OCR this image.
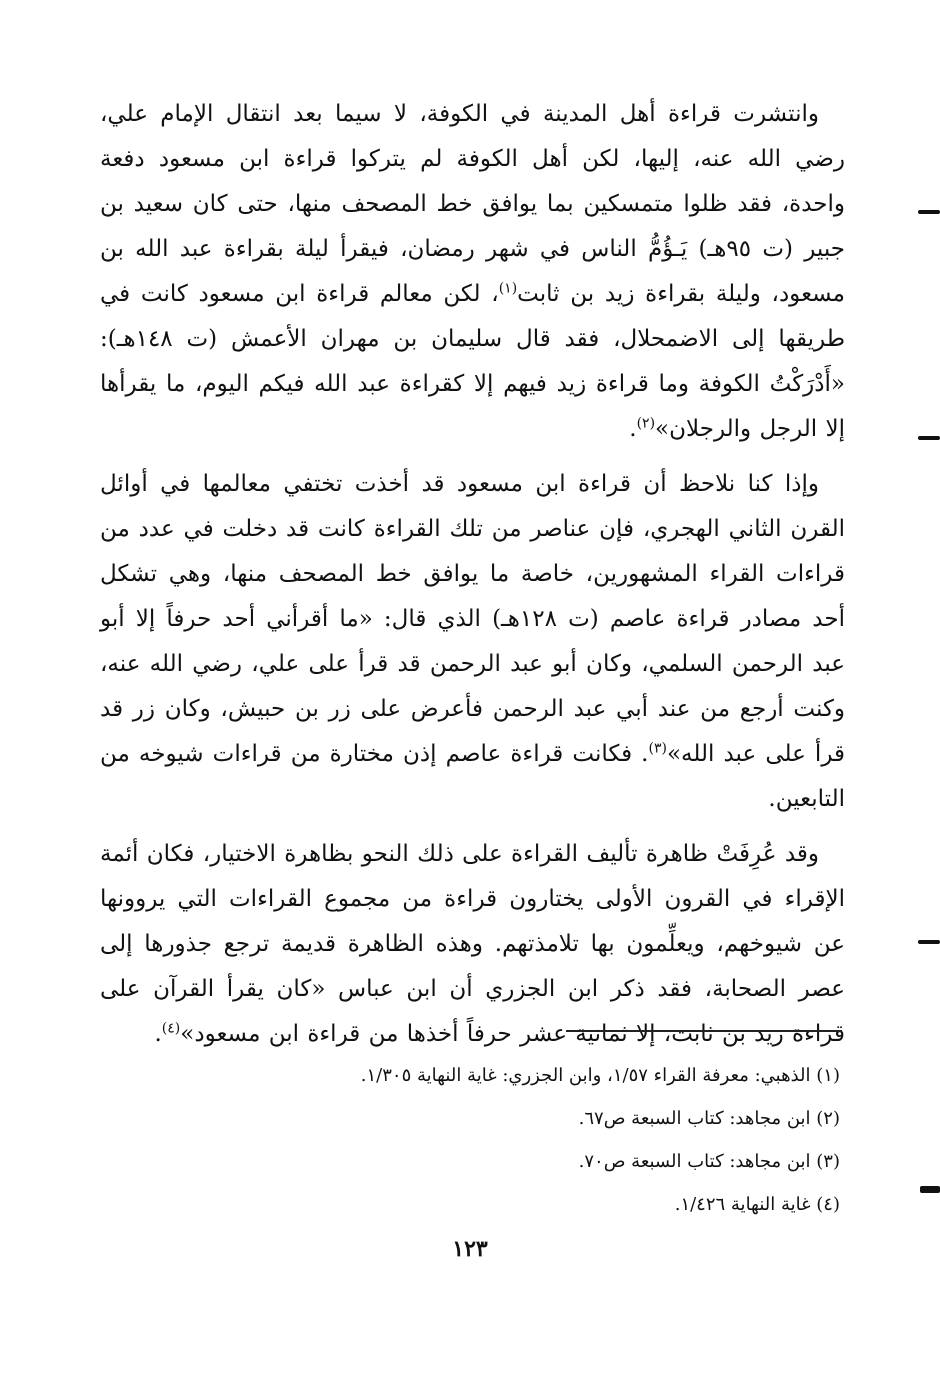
وانتشرت قراءة أهل المدينة في الكوفة، لا سيما بعد انتقال الإمام علي، رضي الله عنه، إليها، لكن أهل الكوفة لم يتركوا قراءة ابن مسعود دفعة واحدة، فقد ظلوا متمسكين بما يوافق خط المصحف منها، حتى كان سعيد بن جبير (ت ٩٥هـ) يَـؤُمُّ الناس في شهر رمضان، فيقرأ ليلة بقراءة عبد الله بن مسعود، وليلة بقراءة زيد بن ثابت$^{(١)}$، لكن معالم قراءة ابن مسعود كانت في طريقها إلى الاضمحلال، فقد قال سليمان بن مهران الأعمش (ت ١٤٨هـ): «أَدْرَكْتُ الكوفة وما قراءة زيد فيهم إلا كقراءة عبد الله فيكم اليوم، ما يقرأها إلا الرجل والرجلان»$^{(٢)}$.

وإذا كنا نلاحظ أن قراءة ابن مسعود قد أخذت تختفي معالمها في أوائل القرن الثاني الهجري، فإن عناصر من تلك القراءة كانت قد دخلت في عدد من قراءات القراء المشهورين، خاصة ما يوافق خط المصحف منها، وهي تشكل أحد مصادر قراءة عاصم (ت ١٢٨هـ) الذي قال: «ما أقرأني أحد حرفاً إلا أبو عبد الرحمن السلمي، وكان أبو عبد الرحمن قد قرأ على علي، رضي الله عنه، وكنت أرجع من عند أبي عبد الرحمن فأعرض على زر بن حبيش، وكان زر قد قرأ على عبد الله»$^{(٣)}$. فكانت قراءة عاصم إذن مختارة من قراءات شيوخه من التابعين.

وقد عُرِفَتْ ظاهرة تأليف القراءة على ذلك النحو بظاهرة الاختيار، فكان أئمة الإقراء في القرون الأولى يختارون قراءة من مجموع القراءات التي يروونها عن شيوخهم، ويعلِّمون بها تلامذتهم. وهذه الظاهرة قديمة ترجع جذورها إلى عصر الصحابة، فقد ذكر ابن الجزري أن ابن عباس «كان يقرأ القرآن على قراءة زيد بن ثابت، إلا ثمانية عشر حرفاً أخذها من قراءة ابن مسعود»$^{(٤)}$.

(١) الذهبي: معرفة القراء ١/٥٧، وابن الجزري: غاية النهاية ١/٣٠٥.

(٢) ابن مجاهد: كتاب السبعة ص٦٧.

(٣) ابن مجاهد: كتاب السبعة ص٧٠.

(٤) غاية النهاية ١/٤٢٦.

١٢٣
